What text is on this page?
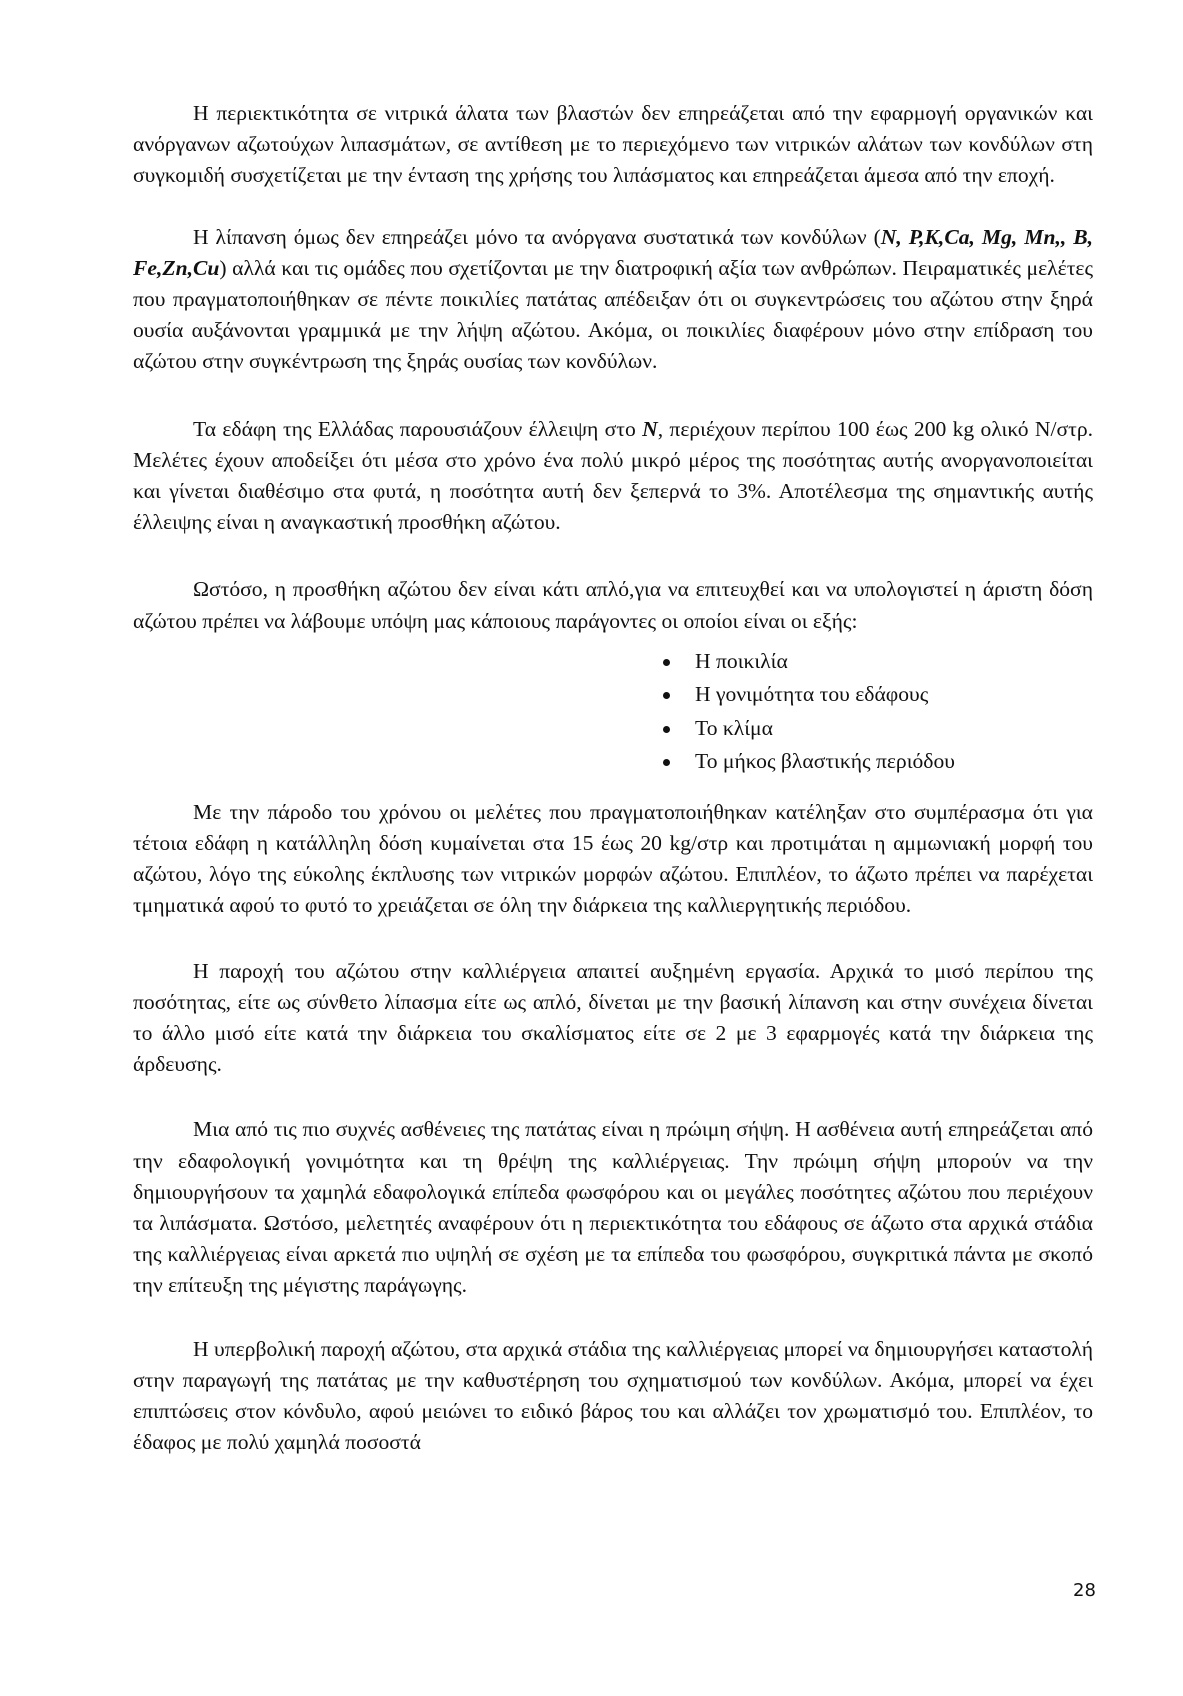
Η περιεκτικότητα σε νιτρικά άλατα των βλαστών δεν επηρεάζεται από την εφαρμογή οργανικών και ανόργανων αζωτούχων λιπασμάτων, σε αντίθεση με το περιεχόμενο των νιτρικών αλάτων των κονδύλων στη συγκομιδή συσχετίζεται με την ένταση της χρήσης του λιπάσματος και επηρεάζεται άμεσα από την εποχή.

Η λίπανση όμως δεν επηρεάζει μόνο τα ανόργανα συστατικά των κονδύλων (N, P,K,Ca, Mg, Mn,, B, Fe,Zn,Cu) αλλά και τις ομάδες που σχετίζονται με την διατροφική αξία των ανθρώπων. Πειραματικές μελέτες που πραγματοποιήθηκαν σε πέντε ποικιλίες πατάτας απέδειξαν ότι οι συγκεντρώσεις του αζώτου στην ξηρά ουσία αυξάνονται γραμμικά με την λήψη αζώτου. Ακόμα, οι ποικιλίες διαφέρουν μόνο στην επίδραση του αζώτου στην συγκέντρωση της ξηράς ουσίας των κονδύλων.

Τα εδάφη της Ελλάδας παρουσιάζουν έλλειψη στο N, περιέχουν περίπου 100 έως 200 kg ολικό N/στρ. Μελέτες έχουν αποδείξει ότι μέσα στο χρόνο ένα πολύ μικρό μέρος της ποσότητας αυτής ανοργανοποιείται και γίνεται διαθέσιμο στα φυτά, η ποσότητα αυτή δεν ξεπερνά το 3%. Αποτέλεσμα της σημαντικής αυτής έλλειψης είναι η αναγκαστική προσθήκη αζώτου.

Ωστόσο, η προσθήκη αζώτου δεν είναι κάτι απλό,για να επιτευχθεί και να υπολογιστεί η άριστη δόση αζώτου πρέπει να λάβουμε υπόψη μας κάποιους παράγοντες οι οποίοι είναι οι εξής:

Η ποικιλία
Η γονιμότητα του εδάφους
Το κλίμα
Το μήκος βλαστικής περιόδου

Με την πάροδο του χρόνου οι μελέτες που πραγματοποιήθηκαν κατέληξαν στο συμπέρασμα ότι για τέτοια εδάφη η κατάλληλη δόση κυμαίνεται στα 15 έως 20 kg/στρ και προτιμάται η αμμωνιακή μορφή του αζώτου, λόγο της εύκολης έκπλυσης των νιτρικών μορφών αζώτου. Επιπλέον, το άζωτο πρέπει να παρέχεται τμηματικά αφού το φυτό το χρειάζεται σε όλη την διάρκεια της καλλιεργητικής περιόδου.

Η παροχή του αζώτου στην καλλιέργεια απαιτεί αυξημένη εργασία. Αρχικά το μισό περίπου της ποσότητας, είτε ως σύνθετο λίπασμα είτε ως απλό, δίνεται με την βασική λίπανση και στην συνέχεια δίνεται το άλλο μισό είτε κατά την διάρκεια του σκαλίσματος είτε σε 2 με 3 εφαρμογές κατά την διάρκεια της άρδευσης.

Μια από τις πιο συχνές ασθένειες της πατάτας είναι η πρώιμη σήψη. Η ασθένεια αυτή επηρεάζεται από την εδαφολογική γονιμότητα και τη θρέψη της καλλιέργειας. Την πρώιμη σήψη μπορούν να την δημιουργήσουν τα χαμηλά εδαφολογικά επίπεδα φωσφόρου και οι μεγάλες ποσότητες αζώτου που περιέχουν τα λιπάσματα. Ωστόσο, μελετητές αναφέρουν ότι η περιεκτικότητα του εδάφους σε άζωτο στα αρχικά στάδια της καλλιέργειας είναι αρκετά πιο υψηλή σε σχέση με τα επίπεδα του φωσφόρου, συγκριτικά πάντα με σκοπό την επίτευξη της μέγιστης παράγωγης.

Η υπερβολική παροχή αζώτου, στα αρχικά στάδια της καλλιέργειας μπορεί να δημιουργήσει καταστολή στην παραγωγή της πατάτας με την καθυστέρηση του σχηματισμού των κονδύλων. Ακόμα, μπορεί να έχει επιπτώσεις στον κόνδυλο, αφού μειώνει το ειδικό βάρος του και αλλάζει τον χρωματισμό του. Επιπλέον, το έδαφος με πολύ χαμηλά ποσοστά

28
